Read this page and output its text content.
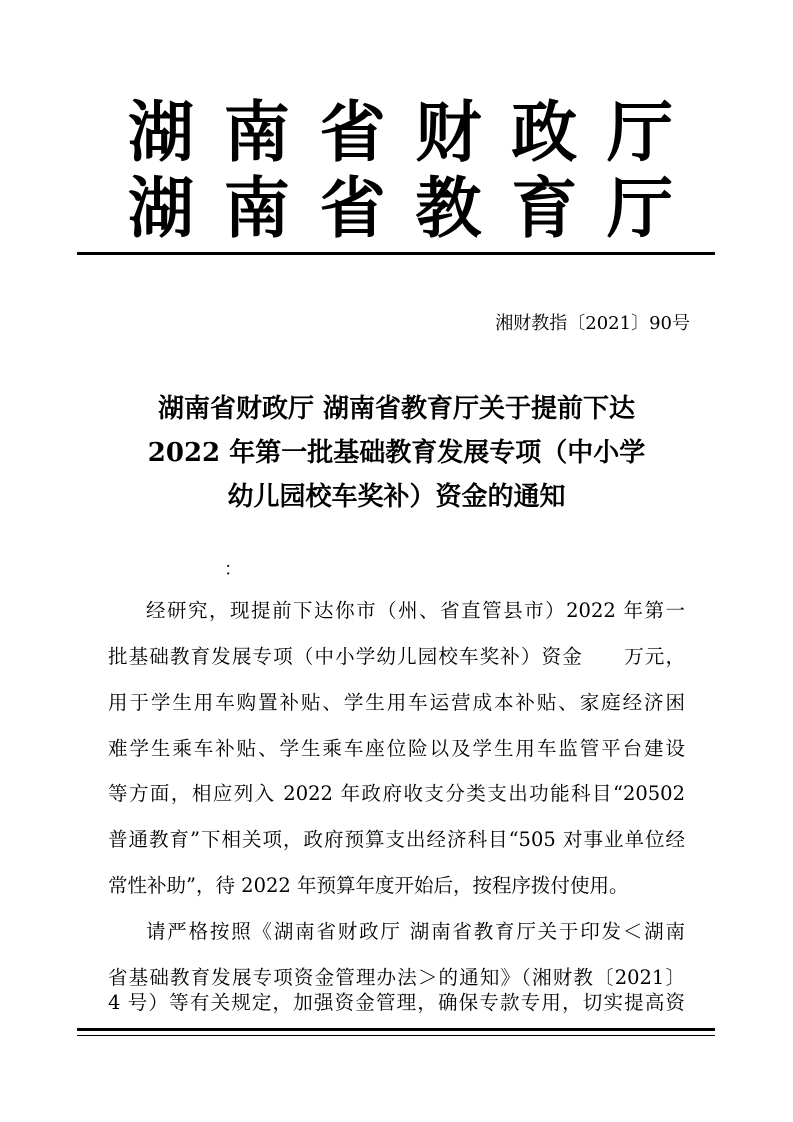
湖南省财政厅
湖南省教育厅
湘财教指〔2021〕90号
湖南省财政厅 湖南省教育厅关于提前下达
2022 年第一批基础教育发展专项（中小学
幼儿园校车奖补）资金的通知
：
经研究，现提前下达你市（州、省直管县市）2022 年第一
批基础教育发展专项（中小学幼儿园校车奖补）资金　　万元，
用于学生用车购置补贴、学生用车运营成本补贴、家庭经济困
难学生乘车补贴、学生乘车座位险以及学生用车监管平台建设
等方面，相应列入 2022 年政府收支分类支出功能科目“20502
普通教育”下相关项，政府预算支出经济科目“505 对事业单位经
常性补助”，待 2022 年预算年度开始后，按程序拨付使用。
请严格按照《湖南省财政厅 湖南省教育厅关于印发＜湖南
省基础教育发展专项资金管理办法＞的通知》（湘财教〔2021〕
4 号）等有关规定，加强资金管理，确保专款专用，切实提高资
